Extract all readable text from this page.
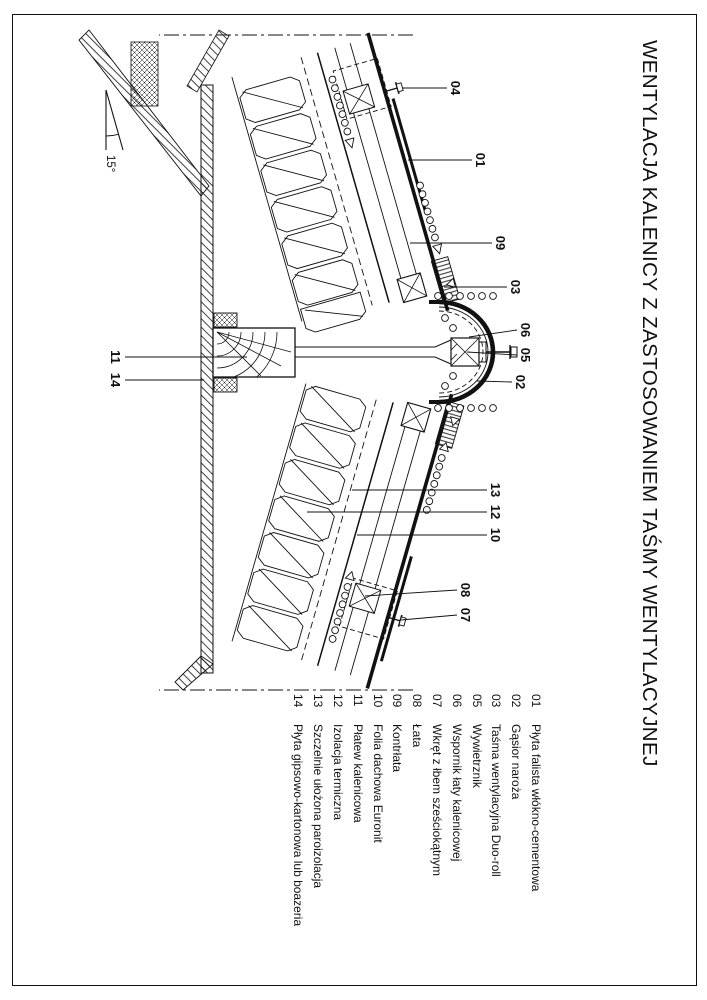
WENTYLACJA KALENICY Z ZASTOSOWANIEM TAŚMY WENTYLACYJNEJ
15°
04
01
09
03
06
05
02
13
12
10
08
07
11
14
01Płyta falista włókno-cementowa
02Gąsior naroża
03Taśma wentylacyjna Duo-roll
05Wywietrznik
06Wspornik łaty kalenicowej
07Wkręt z łbem sześciokątnym
08Łata
09Kontrłata
10Folia dachowa Euronit
11Płatew kalenicowa
12Izolacja termiczna
13Szczelnie ułożona paroizolacja
14Płyta gipsowo-kartonowa lub boazeria
